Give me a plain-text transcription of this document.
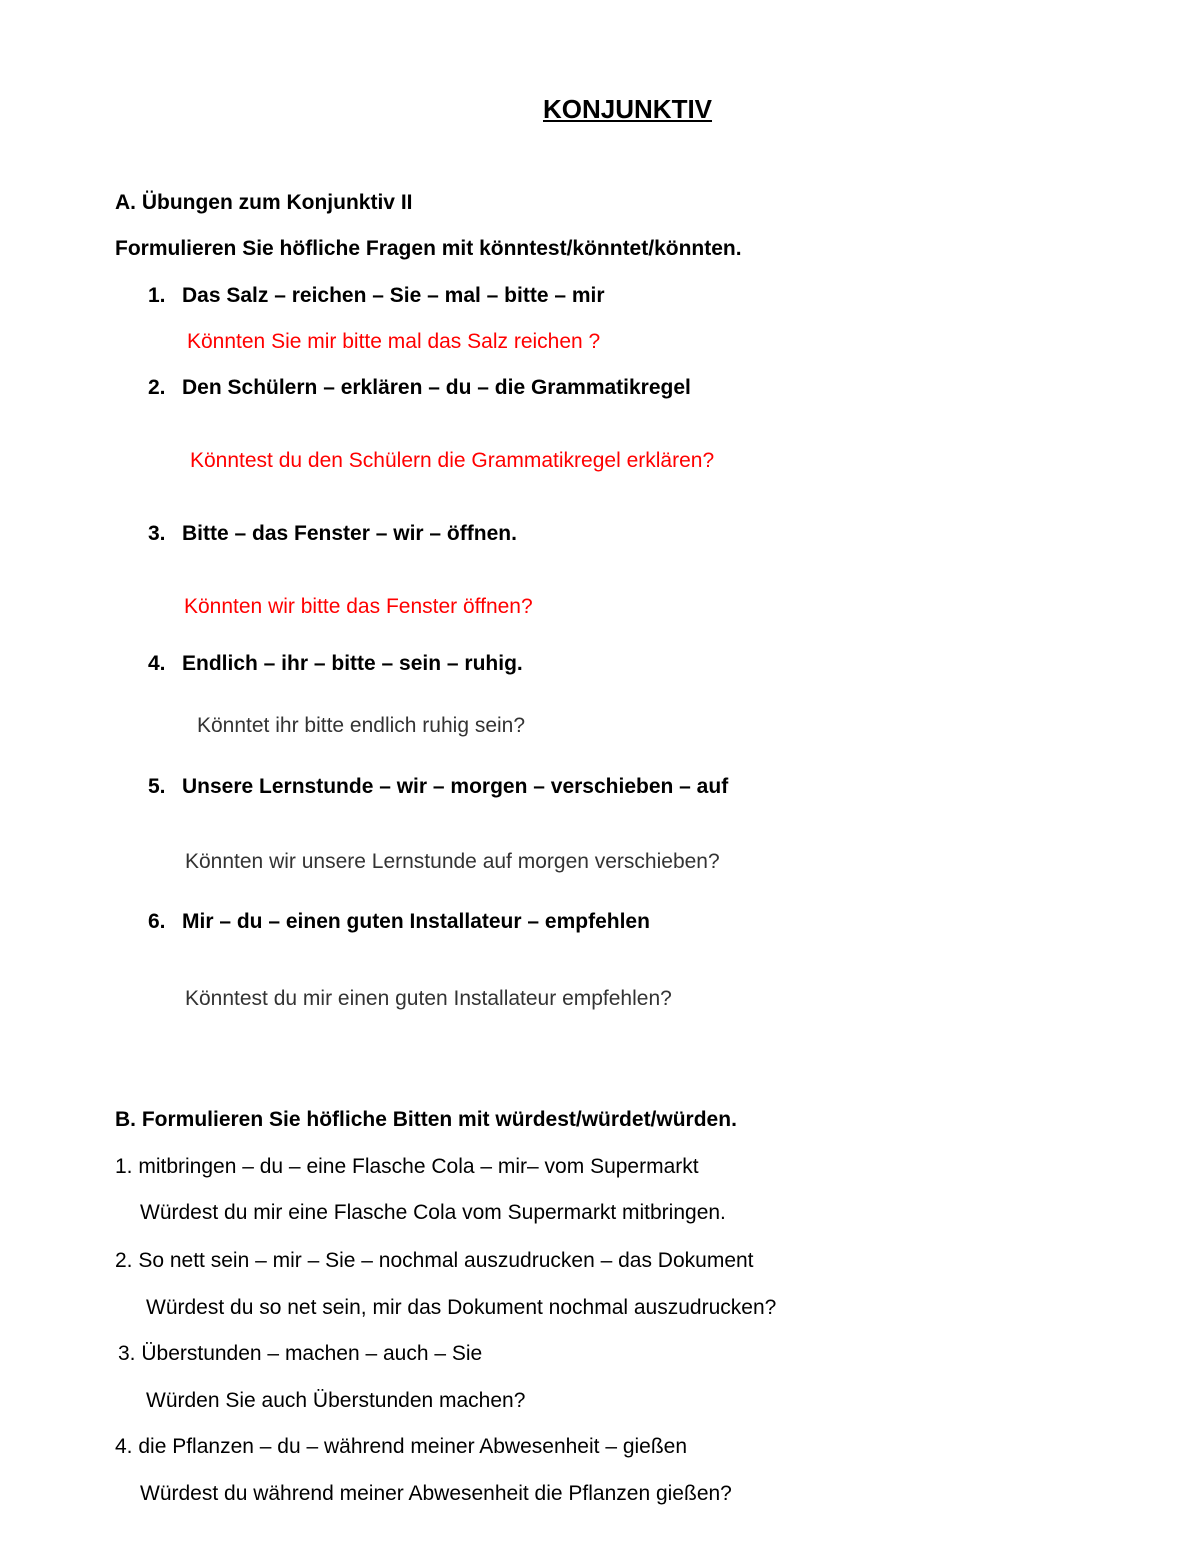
KONJUNKTIV
A. Übungen zum Konjunktiv II
Formulieren Sie höfliche Fragen mit könntest/könntet/könnten.
1. Das Salz – reichen – Sie – mal – bitte – mir
Könnten Sie mir bitte mal das Salz reichen ?
2. Den Schülern – erklären – du – die Grammatikregel
Könntest du den Schülern die Grammatikregel erklären?
3. Bitte – das Fenster – wir – öffnen.
Könnten wir bitte das Fenster öffnen?
4. Endlich – ihr – bitte – sein – ruhig.
Könntet ihr bitte endlich ruhig sein?
5. Unsere Lernstunde – wir – morgen – verschieben – auf
Könnten wir unsere Lernstunde auf morgen verschieben?
6. Mir – du – einen guten Installateur – empfehlen
Könntest du mir einen guten Installateur empfehlen?
B. Formulieren Sie höfliche Bitten mit würdest/würdet/würden.
1. mitbringen – du – eine Flasche Cola – mir– vom Supermarkt
Würdest du mir eine Flasche Cola vom Supermarkt mitbringen.
2. So nett sein – mir – Sie – nochmal auszudrucken – das Dokument
Würdest du so net sein, mir das Dokument nochmal auszudrucken?
3. Überstunden – machen – auch – Sie
Würden Sie auch Überstunden machen?
4. die Pflanzen – du – während meiner Abwesenheit – gießen
Würdest du während meiner Abwesenheit die Pflanzen gießen?
